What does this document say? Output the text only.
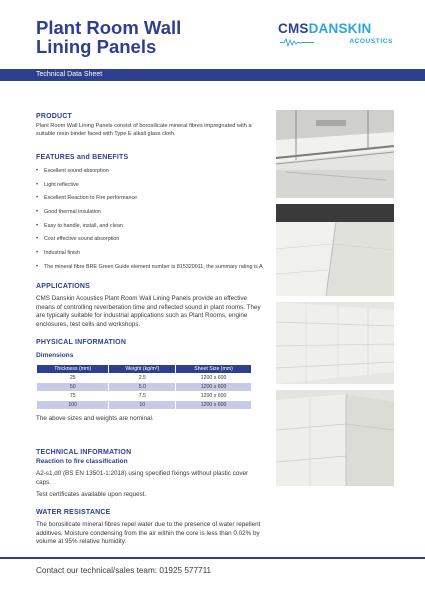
Plant Room Wall
Lining Panels
CMSDANSKIN
ACOUSTICS
Technical Data Sheet
PRODUCT
Plant Room Wall Lining Panels consist of borosilicate mineral fibres impregnated with a suitable resin binder faced with Type E alkali glass cloth.
FEATURES and BENEFITS
• Excellent sound absorption
• Light reflective
• Excellent Reaction to Fire performance
• Good thermal insulation
• Easy to handle, install, and clean
• Cost effective sound absorption
• Industrial finish
• The mineral fibre BRE Green Guide element number is 815320011; the summary rating is A
APPLICATIONS
CMS Danskin Acoustics Plant Room Wall Lining Panels provide an effective means of controlling reverberation time and reflected sound in plant rooms. They are typically suitable for industrial applications such as Plant Rooms, engine enclosures, test cells and workshops.
PHYSICAL INFORMATION
Dimensions
Thickness (mm)	Weight (kg/m²)	Sheet Size (mm)
25	2.5	1200 x 600
50	5.0	1200 x 600
75	7.5	1200 x 600
100	10	1200 x 600
The above sizes and weights are nominal.
TECHNICAL INFORMATION
Reaction to fire classification
A2-s1,d0 (BS EN 13501-1:2018) using specified fixings without plastic cover caps.
Test certificates available upon request.
WATER RESISTANCE
The borosilicate mineral fibres repel water due to the presence of water repellent additives. Moisture condensing from the air within the core is less than 0.02% by volume at 95% relative humidity.
Contact our technical/sales team: 01925 577711
